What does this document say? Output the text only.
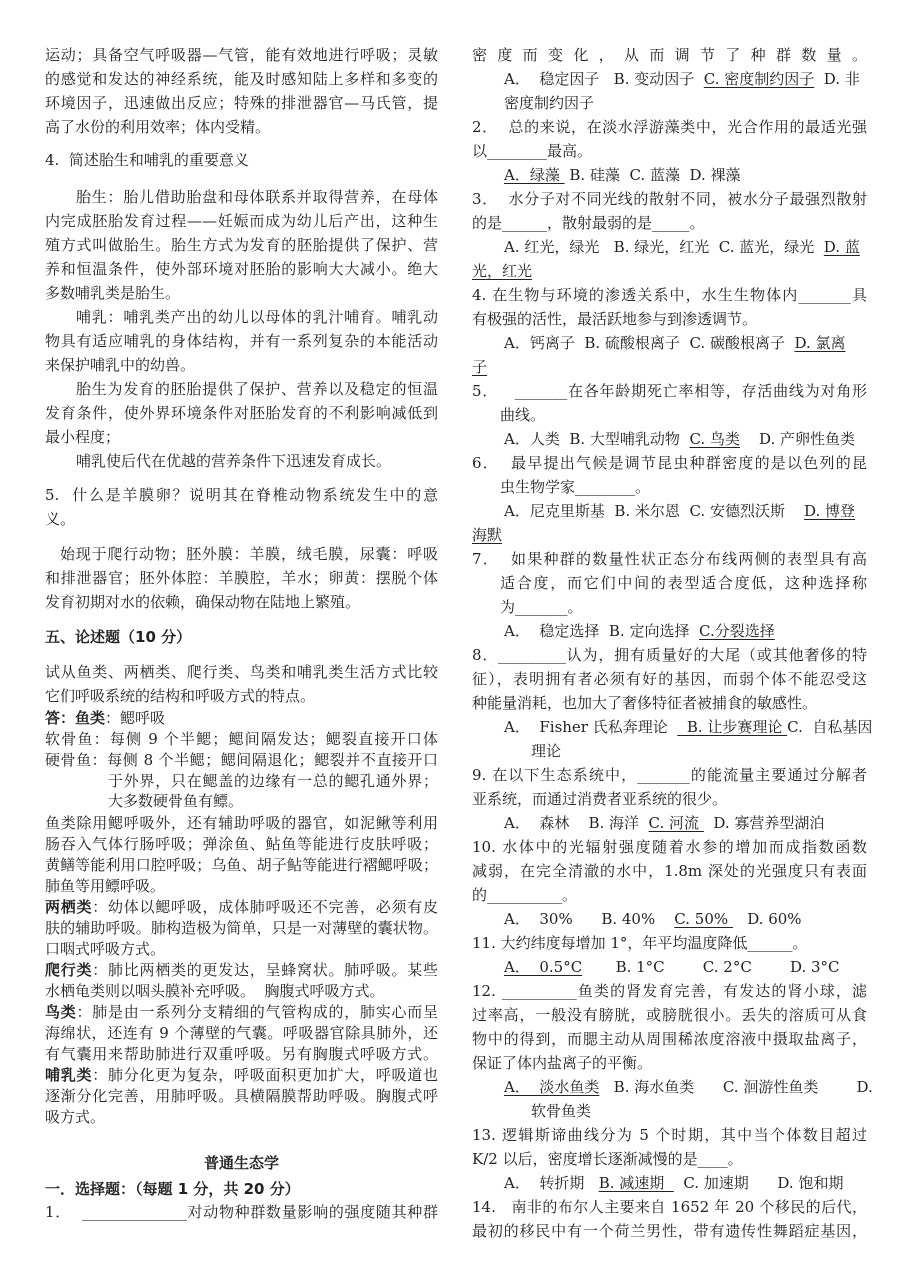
运动；具备空气呼吸器—气管，能有效地进行呼吸；灵敏
的感觉和发达的神经系统，能及时感知陆上多样和多变的
环境因子，迅速做出反应；特殊的排泄器官—马氏管，提
高了水份的利用效率；体内受精。
4.  简述胎生和哺乳的重要意义
胎生：胎儿借助胎盘和母体联系并取得营养，在母体
内完成胚胎发育过程——妊娠而成为幼儿后产出，这种生
殖方式叫做胎生。胎生方式为发育的胚胎提供了保护、营
养和恒温条件，使外部环境对胚胎的影响大大减小。绝大
多数哺乳类是胎生。
哺乳：哺乳类产出的幼儿以母体的乳汁哺育。哺乳动
物具有适应哺乳的身体结构，并有一系列复杂的本能活动
来保护哺乳中的幼兽。
胎生为发育的胚胎提供了保护、营养以及稳定的恒温
发育条件，使外界环境条件对胚胎发育的不利影响减低到
最小程度；
哺乳使后代在优越的营养条件下迅速发育成长。
5.  什么是羊膜卵？说明其在脊椎动物系统发生中的意
义。
始现于爬行动物；胚外膜：羊膜，绒毛膜，尿囊：呼吸
和排泄器官；胚外体腔：羊膜腔，羊水；卵黄：摆脱个体
发育初期对水的依赖，确保动物在陆地上繁殖。
五、论述题（10 分）
试从鱼类、两栖类、爬行类、鸟类和哺乳类生活方式比较
它们呼吸系统的结构和呼吸方式的特点。
答：鱼类：鳃呼吸
软骨鱼：每侧 9 个半鳃；鳃间隔发达；鳃裂直接开口体
硬骨鱼：每侧 8 个半鳃；鳃间隔退化；鳃裂并不直接开口
于外界，只在鳃盖的边缘有一总的鳃孔通外界；
大多数硬骨鱼有鳔。
鱼类除用鳃呼吸外，还有辅助呼吸的器官，如泥鳅等利用
肠吞入气体行肠呼吸；弹涂鱼、鲇鱼等能进行皮肤呼吸；
黄鳝等能利用口腔呼吸；乌鱼、胡子鲇等能进行褶鳃呼吸；
肺鱼等用鳔呼吸。
两栖类：幼体以鳃呼吸，成体肺呼吸还不完善，必须有皮
肤的辅助呼吸。肺构造极为简单，只是一对薄壁的囊状物。
口咽式呼吸方式。
爬行类：肺比两栖类的更发达，呈蜂窝状。肺呼吸。某些
水栖龟类则以咽头膜补充呼吸。  胸腹式呼吸方式。
鸟类：肺是由一系列分支精细的气管构成的，肺实心而呈
海绵状，还连有 9 个薄壁的气囊。呼吸器官除具肺外，还
有气囊用来帮助肺进行双重呼吸。另有胸腹式呼吸方式。
哺乳类：肺分化更为复杂，呼吸面积更加扩大，呼吸道也
逐渐分化完善，用肺呼吸。具横隔膜帮助呼吸。胸腹式呼
吸方式。
普通生态学
一．选择题：（每题 1 分，共 20 分）
1．  ______________对动物种群数量影响的强度随其种群
密度而变化，从而调节了种群数量。
A．  稳定因子   B. 变动因子  C. 密度制约因子  D. 非
密度制约因子
2．  总的来说，在淡水浮游藻类中，光合作用的最适光强
以________最高。
A．绿藻  B. 硅藻  C. 蓝藻  D. 裸藻
3．  水分子对不同光线的散射不同，被水分子最强烈散射
的是______，散射最弱的是_____。
A. 红光，绿光   B. 绿光，红光  C. 蓝光，绿光  D. 蓝
光，红光
4. 在生物与环境的渗透关系中，水生生物体内_______具
有极强的活性，最活跃地参与到渗透调节。
A．钙离子  B. 硫酸根离子  C. 碳酸根离子  D. 氯离
子
5．   _______在各年龄期死亡率相等，存活曲线为对角形
曲线。
A．人类  B. 大型哺乳动物  C. 鸟类    D. 产卵性鱼类
6．  最早提出气候是调节昆虫种群密度的是以色列的昆
虫生物学家________。
A．尼克里斯基  B. 米尔恩  C. 安德烈沃斯    D. 博登
海默
7．  如果种群的数量性状正态分布线两侧的表型具有高
适合度，而它们中间的表型适合度低，这种选择称
为_______。
A．  稳定选择  B. 定向选择  C.分裂选择
8．_________认为，拥有质量好的大尾（或其他奢侈的特
征），表明拥有者必须有好的基因，而弱个体不能忍受这
种能量消耗，也加大了奢侈特征者被捕食的敏感性。
A．  Fisher 氏私奔理论    B. 让步赛理论 C.  自私基因
理论
9. 在以下生态系统中，_______的能流量主要通过分解者
亚系统，而通过消费者亚系统的很少。
A．  森林    B. 海洋  C. 河流   D. 寡营养型湖泊
10. 水体中的光辐射强度随着水参的增加而成指数函数
减弱，在完全清澈的水中，1.8m 深处的光强度只有表面
的__________。
A．  30%      B. 40%    C. 50%    D. 60%
11. 大约纬度每增加 1°，年平均温度降低______。
A．  0.5°C       B. 1°C        C. 2°C        D. 3°C
12. __________鱼类的肾发育完善，有发达的肾小球，滤
过率高，一般没有膀胱，或膀胱很小。丢失的溶质可从食
物中的得到，而腮主动从周围稀浓度溶液中摄取盐离子，
保证了体内盐离子的平衡。
A．  淡水鱼类   B. 海水鱼类      C. 洄游性鱼类        D.
软骨鱼类
13. 逻辑斯谛曲线分为 5 个时期，其中当个体数目超过
K/2 以后，密度增长逐渐减慢的是____。
A．  转折期   B. 减速期    C. 加速期      D. 饱和期
14.   南非的布尔人主要来自 1652 年 20 个移民的后代，
最初的移民中有一个荷兰男性，带有遗传性舞蹈症基因，
